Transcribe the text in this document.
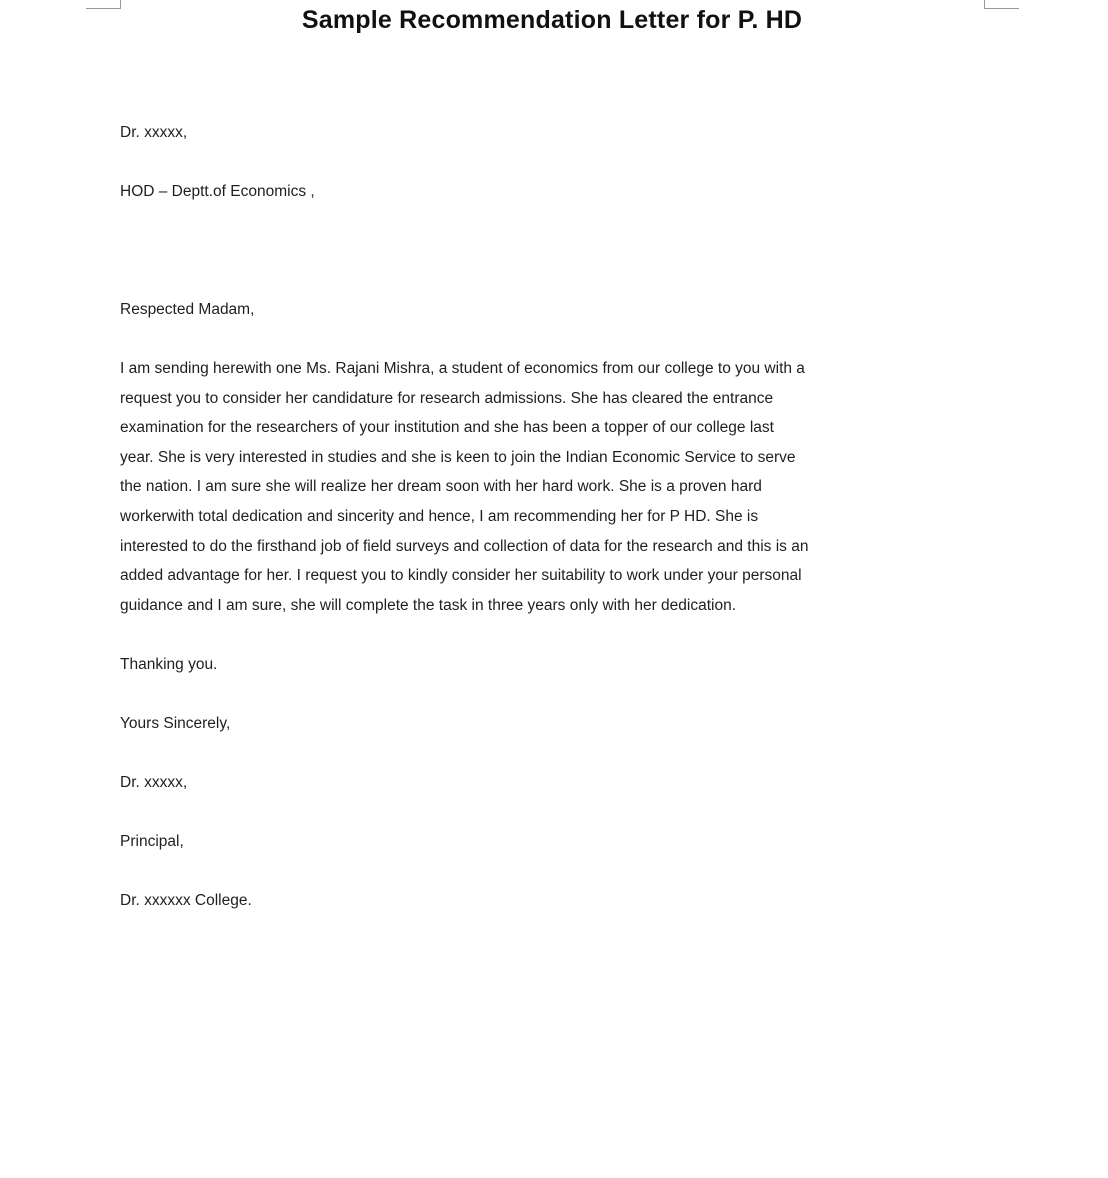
Sample Recommendation Letter for P. HD

Dr. xxxxx,

HOD – Deptt.of Economics ,

Respected Madam,

I am sending herewith one Ms. Rajani Mishra, a student of economics from our college to you with a
request you to consider her candidature for research admissions. She has cleared the entrance
examination for the researchers of your institution and she has been a topper of our college last
year. She is very interested in studies and she is keen to join the Indian Economic Service to serve
the nation. I am sure she will realize her dream soon with her hard work. She is a proven hard
workerwith total dedication and sincerity and hence, I am recommending her for P HD. She is
interested to do the firsthand job of field surveys and collection of data for the research and this is an
added advantage for her. I request you to kindly consider her suitability to work under your personal
guidance and I am sure, she will complete the task in three years only with her dedication.

Thanking you.

Yours Sincerely,

Dr. xxxxx,

Principal,

Dr. xxxxxx College.
